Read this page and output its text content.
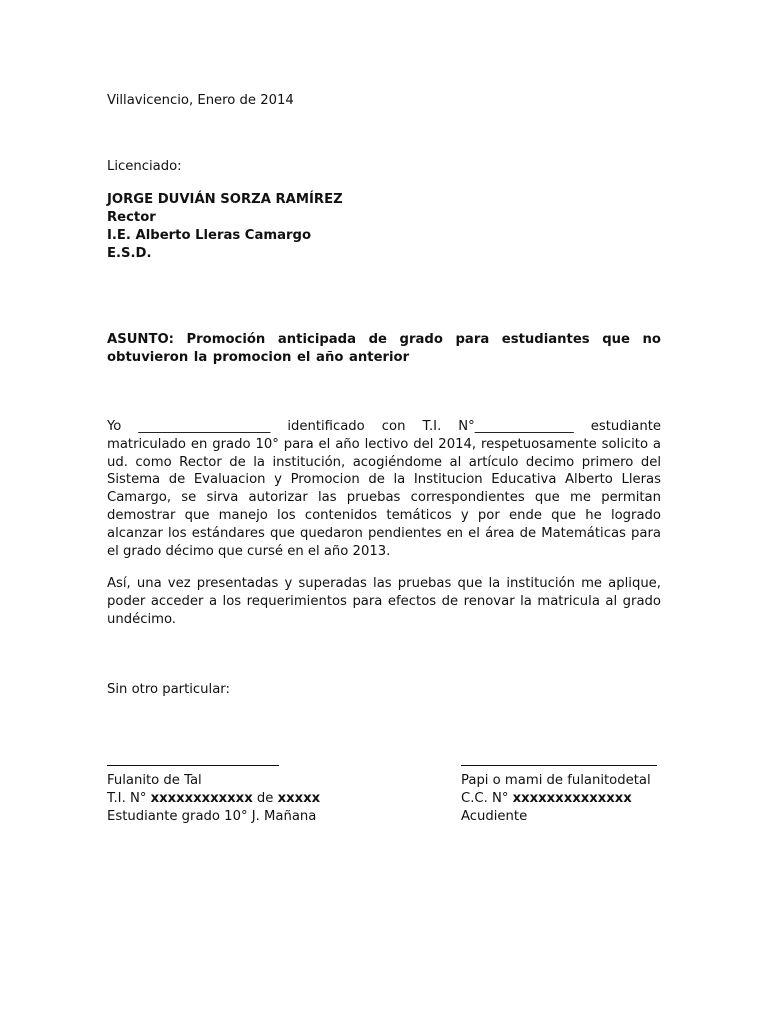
Villavicencio, Enero de 2014
Licenciado:
JORGE DUVIÁN SORZA RAMÍREZ
Rector
I.E. Alberto Lleras Camargo
E.S.D.
ASUNTO: Promoción anticipada de grado para estudiantes que no obtuvieron la promocion el año anterior
Yo ____________________ identificado con T.I. N°_______________ estudiante matriculado en grado 10° para el año lectivo del 2014, respetuosamente solicito a ud. como Rector de la institución, acogiéndome al artículo decimo primero del Sistema de Evaluacion y Promocion de la Institucion Educativa Alberto Lleras Camargo, se sirva autorizar las pruebas correspondientes que me permitan demostrar que manejo los contenidos temáticos y por ende que he logrado alcanzar los estándares que quedaron pendientes en el área de Matemáticas para el grado décimo que cursé en el año 2013.
Así, una vez presentadas y superadas las pruebas que la institución me aplique, poder acceder a los requerimientos para efectos de renovar la matricula al grado undécimo.
Sin otro particular:
Fulanito de Tal
T.I. N° xxxxxxxxxxxx de xxxxx
Estudiante grado 10° J. Mañana
Papi o mami de fulanitodetal
C.C. N° xxxxxxxxxxxxxx
Acudiente
